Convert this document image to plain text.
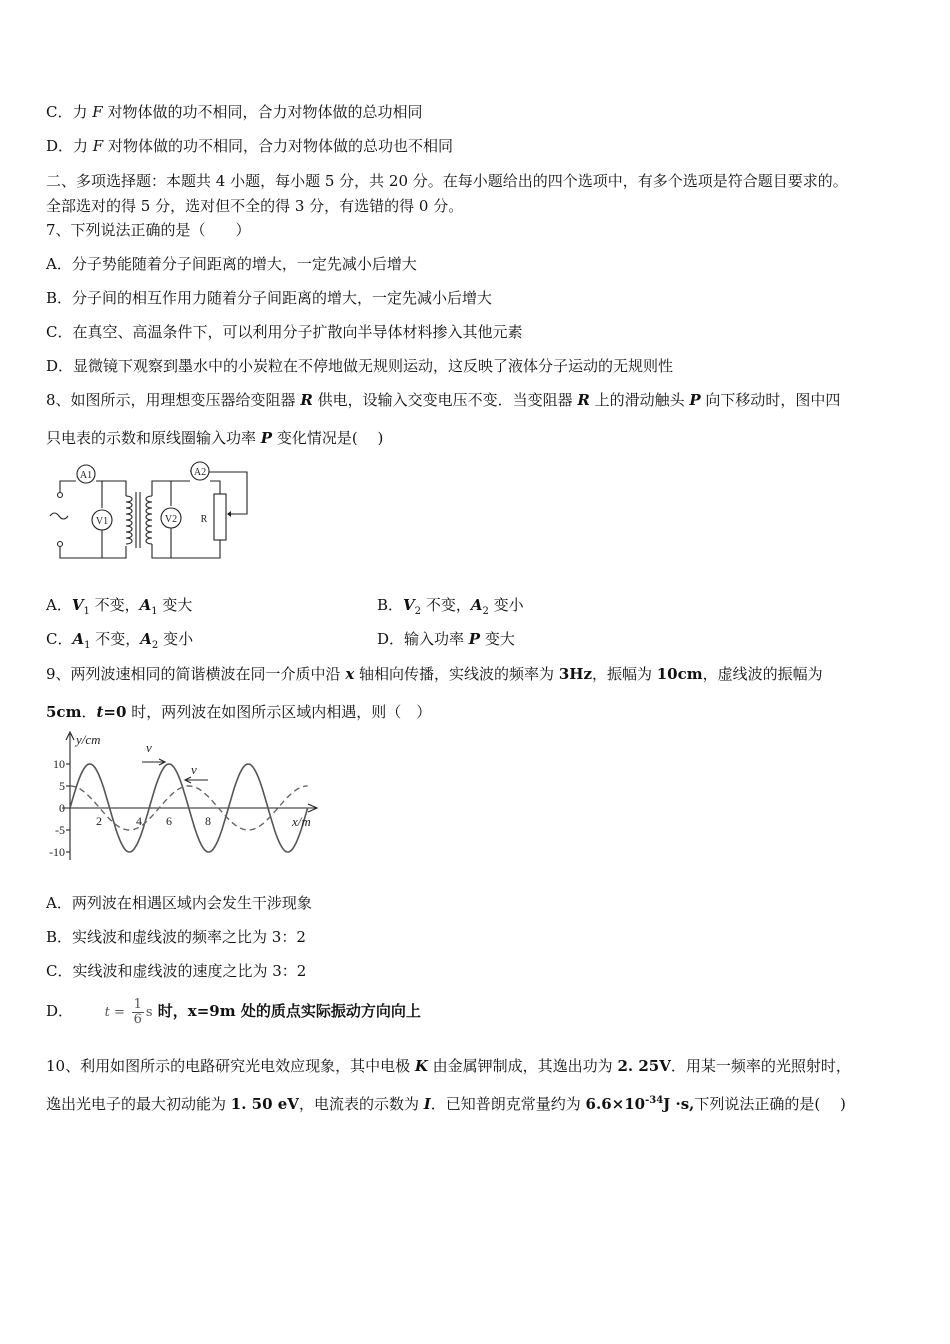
C．力 F 对物体做的功不相同，合力对物体做的总功相同
D．力 F 对物体做的功不相同，合力对物体做的总功也不相同
二、多项选择题：本题共 4 小题，每小题 5 分，共 20 分。在每小题给出的四个选项中，有多个选项是符合题目要求的。
全部选对的得 5 分，选对但不全的得 3 分，有选错的得 0 分。
7、下列说法正确的是（　　）
A．分子势能随着分子间距离的增大，一定先减小后增大
B．分子间的相互作用力随着分子间距离的增大，一定先减小后增大
C．在真空、高温条件下，可以利用分子扩散向半导体材料掺入其他元素
D．显微镜下观察到墨水中的小炭粒在不停地做无规则运动，这反映了液体分子运动的无规则性
8、如图所示，用理想变压器给变阻器 R 供电，设输入交变电压不变．当变阻器 R 上的滑动触头 P 向下移动时，图中四
只电表的示数和原线圈输入功率 P 变化情况是(　 )
A1	A2
V1	V2 R
A．$V_1$ 不变，$A_1$ 变大	B．$V_2$ 不变，$A_2$ 变小
C．$A_1$ 不变，$A_2$ 变小	D．输入功率 P 变大
9、两列波速相同的简谐横波在同一介质中沿 x 轴相向传播，实线波的频率为 3Hz，振幅为 10cm，虚线波的振幅为
5cm．t=0 时，两列波在如图所示区域内相遇，则（　）
y/cm
x/m
v
v
10
5
0
-5
-10
2	4 6	8
A．两列波在相遇区域内会发生干涉现象
B．实线波和虚线波的频率之比为 3：2
C．实线波和虚线波的速度之比为 3：2
D． $t = \frac{1}{6}$ s 时，x=9m 处的质点实际振动方向向上
10、利用如图所示的电路研究光电效应现象，其中电极 K 由金属钾制成，其逸出功为 2. 25V．用某一频率的光照射时，
逸出光电子的最大初动能为 1. 50 eV，电流表的示数为 I．已知普朗克常量约为 $6.6\times 10^{-34}J \cdot s$,下列说法正确的是(　 )
